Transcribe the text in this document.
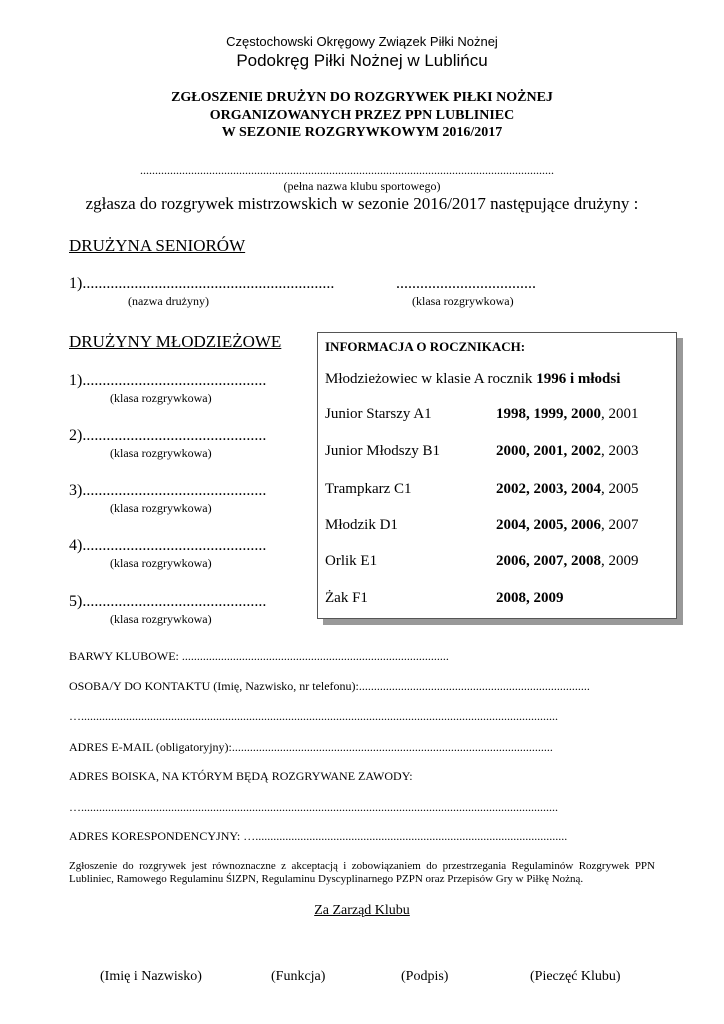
Częstochowski Okręgowy Związek Piłki Nożnej
Podokręg Piłki Nożnej w Lublińcu
ZGŁOSZENIE DRUŻYN DO ROZGRYWEK PIŁKI NOŻNEJ
ORGANIZOWANYCH PRZEZ PPN LUBLINIEC
W SEZONIE ROZGRYWKOWYM 2016/2017
..........................................................................................................................................
(pełna nazwa klubu sportowego)
zgłasza do rozgrywek mistrzowskich w sezonie 2016/2017 następujące drużyny :
DRUŻYNA SENIORÓW
1)...............................................................	...................................
(nazwa drużyny)	(klasa rozgrywkowa)
DRUŻYNY MŁODZIEŻOWE
1)..............................................
(klasa rozgrywkowa)
2)..............................................
(klasa rozgrywkowa)
3)..............................................
(klasa rozgrywkowa)
4)..............................................
(klasa rozgrywkowa)
5)..............................................
(klasa rozgrywkowa)
INFORMACJA O ROCZNIKACH:
Młodzieżowiec w klasie A rocznik 1996 i młodsi
Junior Starszy A1	1998, 1999, 2000, 2001
Junior Młodszy B1	2000, 2001, 2002, 2003
Trampkarz C1	2002, 2003, 2004, 2005
Młodzik D1	2004, 2005, 2006, 2007
Orlik E1	2006, 2007, 2008, 2009
Żak F1	2008, 2009
BARWY KLUBOWE: .........................................................................................
OSOBA/Y DO KONTAKTU (Imię, Nazwisko, nr telefonu):.............................................................................
…...............................................................................................................................................................
ADRES E-MAIL (obligatoryjny):...........................................................................................................
ADRES BOISKA, NA KTÓRYM BĘDĄ ROZGRYWANE ZAWODY:
…...............................................................................................................................................................
ADRES KORESPONDENCYJNY: …........................................................................................................
Zgłoszenie do rozgrywek jest równoznaczne z akceptacją i zobowiązaniem do przestrzegania Regulaminów Rozgrywek PPN Lubliniec, Ramowego Regulaminu ŚlZPN, Regulaminu Dyscyplinarnego PZPN oraz Przepisów Gry w Piłkę Nożną.
Za Zarząd Klubu
(Imię i Nazwisko)	(Funkcja)	(Podpis)	(Pieczęć Klubu)
